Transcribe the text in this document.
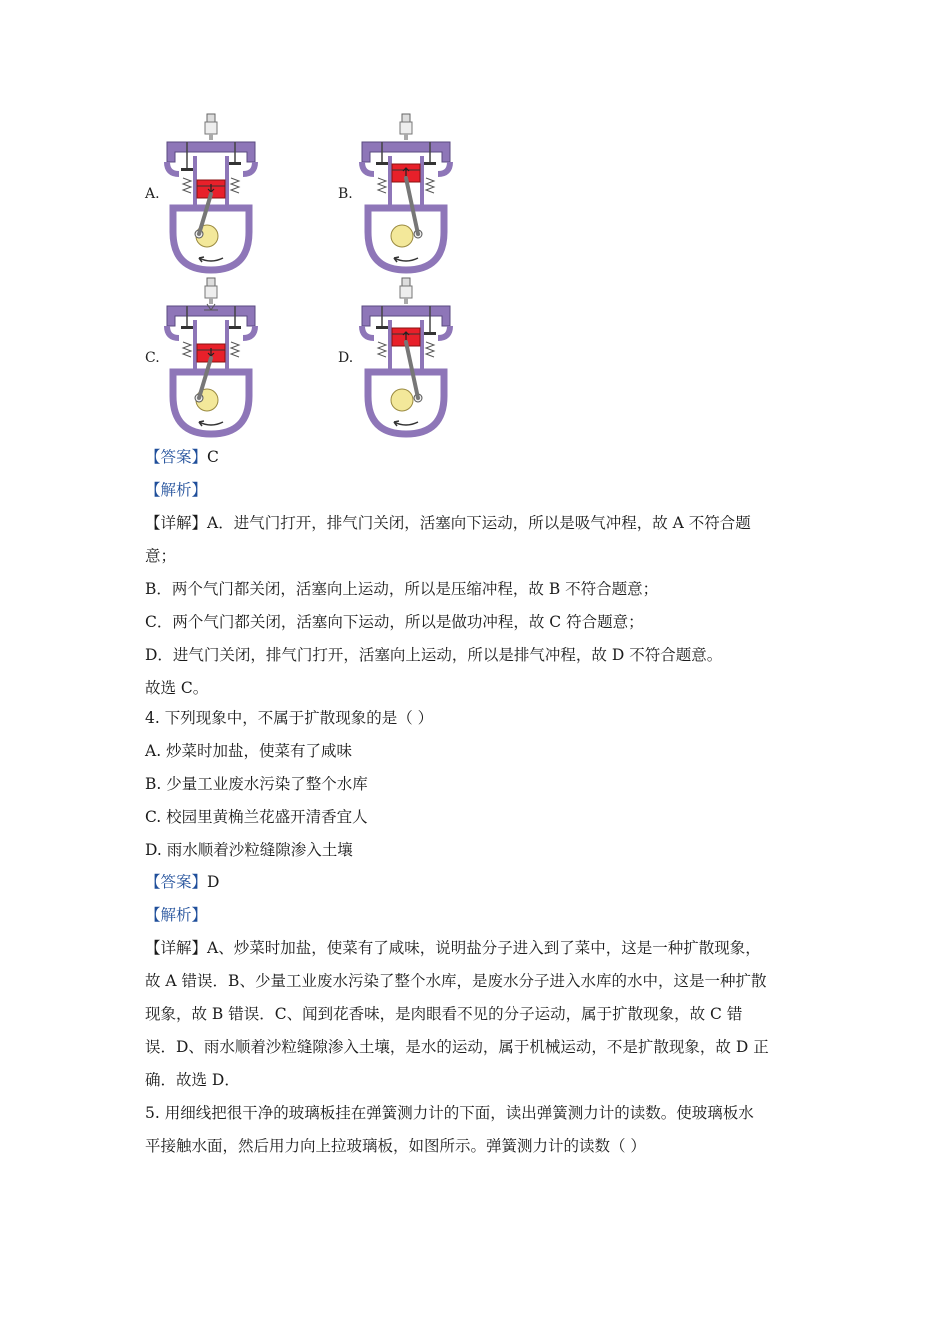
A.	B.
C.	D.
【答案】C
【解析】
【详解】A．进气门打开，排气门关闭，活塞向下运动，所以是吸气冲程，故 A 不符合题
意；
B．两个气门都关闭，活塞向上运动，所以是压缩冲程，故 B 不符合题意；
C．两个气门都关闭，活塞向下运动，所以是做功冲程，故 C 符合题意；
D．进气门关闭，排气门打开，活塞向上运动，所以是排气冲程，故 D 不符合题意。
故选 C。
4. 下列现象中，不属于扩散现象的是（ ）
A. 炒菜时加盐，使菜有了咸味
B. 少量工业废水污染了整个水库
C. 校园里黄桷兰花盛开清香宜人
D. 雨水顺着沙粒缝隙渗入土壤
【答案】D
【解析】
【详解】A、炒菜时加盐，使菜有了咸味，说明盐分子进入到了菜中，这是一种扩散现象，
故 A 错误．B、少量工业废水污染了整个水库，是废水分子进入水库的水中，这是一种扩散
现象，故 B 错误．C、闻到花香味，是肉眼看不见的分子运动，属于扩散现象，故 C 错
误．D、雨水顺着沙粒缝隙渗入土壤，是水的运动，属于机械运动，不是扩散现象，故 D 正
确．故选 D．
5. 用细线把很干净的玻璃板挂在弹簧测力计的下面，读出弹簧测力计的读数。使玻璃板水
平接触水面，然后用力向上拉玻璃板，如图所示。弹簧测力计的读数（ ）
